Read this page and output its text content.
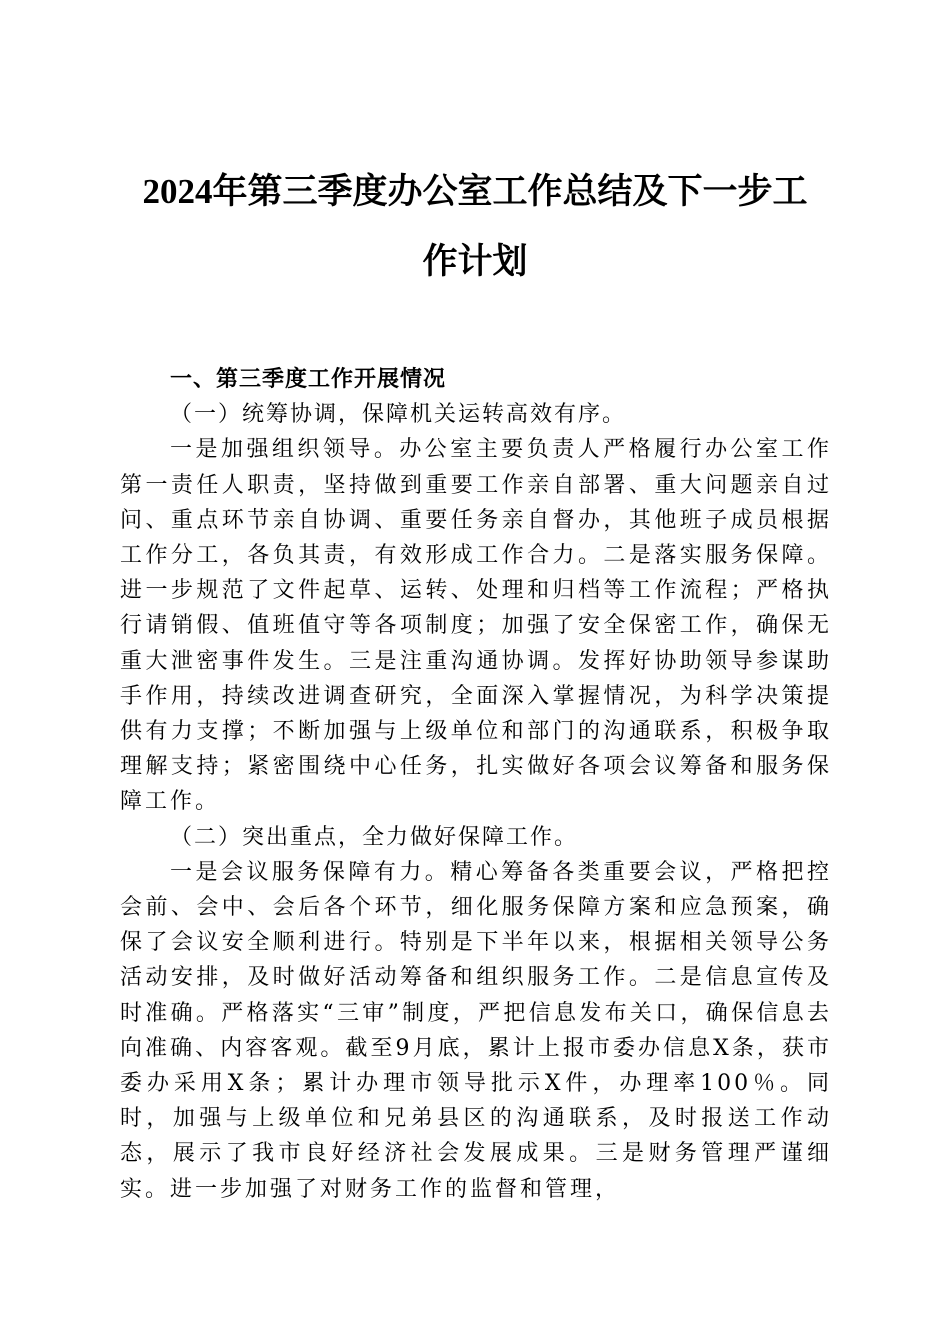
2024年第三季度办公室工作总结及下一步工
作计划

一、第三季度工作开展情况

（一）统筹协调，保障机关运转高效有序。

一是加强组织领导。办公室主要负责人严格履行办公室工作第一责任人职责，坚持做到重要工作亲自部署、重大问题亲自过问、重点环节亲自协调、重要任务亲自督办，其他班子成员根据工作分工，各负其责，有效形成工作合力。二是落实服务保障。进一步规范了文件起草、运转、处理和归档等工作流程；严格执行请销假、值班值守等各项制度；加强了安全保密工作，确保无重大泄密事件发生。三是注重沟通协调。发挥好协助领导参谋助手作用，持续改进调查研究，全面深入掌握情况，为科学决策提供有力支撑；不断加强与上级单位和部门的沟通联系，积极争取理解支持；紧密围绕中心任务，扎实做好各项会议筹备和服务保障工作。

（二）突出重点，全力做好保障工作。

一是会议服务保障有力。精心筹备各类重要会议，严格把控会前、会中、会后各个环节，细化服务保障方案和应急预案，确保了会议安全顺利进行。特别是下半年以来，根据相关领导公务活动安排，及时做好活动筹备和组织服务工作。二是信息宣传及时准确。严格落实“三审”制度，严把信息发布关口，确保信息去向准确、内容客观。截至9月底，累计上报市委办信息X条，获市委办采用X条；累计办理市领导批示X件，办理率100％。同时，加强与上级单位和兄弟县区的沟通联系，及时报送工作动态，展示了我市良好经济社会发展成果。三是财务管理严谨细实。进一步加强了对财务工作的监督和管理，
